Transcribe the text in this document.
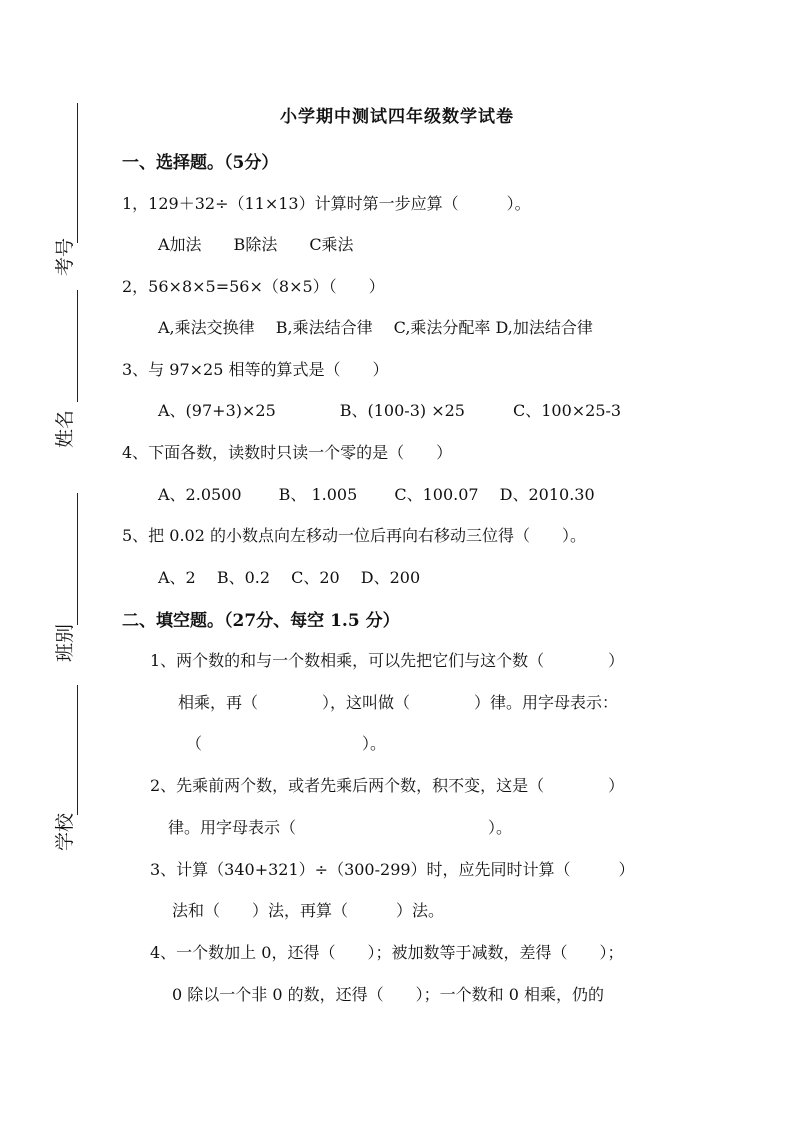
考号
姓名
班别
学校
小学期中测试四年级数学试卷
一、选择题。（5分）
1，129＋32÷（11×13）计算时第一步应算（　　　）。
A加法　　B除法　　C乘法
2，56×8×5=56×（8×5）（　　）
A,乘法交换律　 B,乘法结合律　 C,乘法分配率 D,加法结合律
3、与 97×25 相等的算式是（　　）
A、(97+3)×25　　　　B、(100-3) ×25　　　C、100×25-3
4、下面各数，读数时只读一个零的是（　　）
A、2.0500　　 B、 1.005　　 C、100.07　 D、2010.30
5、把 0.02 的小数点向左移动一位后再向右移动三位得（　　）。
A、2　 B、0.2　 C、20　 D、200
二、填空题。（27分、每空 1.5 分）
1、两个数的和与一个数相乘，可以先把它们与这个数（　　　　）
相乘，再（　　　　），这叫做（　　　　）律。用字母表示：
（　　　　　　　　　　）。
2、先乘前两个数，或者先乘后两个数，积不变，这是（　　　　）
律。用字母表示（　　　　　　　　　　　　）。
3、计算（340+321）÷（300-299）时，应先同时计算（　　　）
法和（　　）法，再算（　　　）法。
4、一个数加上 0，还得（　　）；被加数等于减数，差得（　　）；
0 除以一个非 0 的数，还得（　　）；一个数和 0 相乘，仍的
